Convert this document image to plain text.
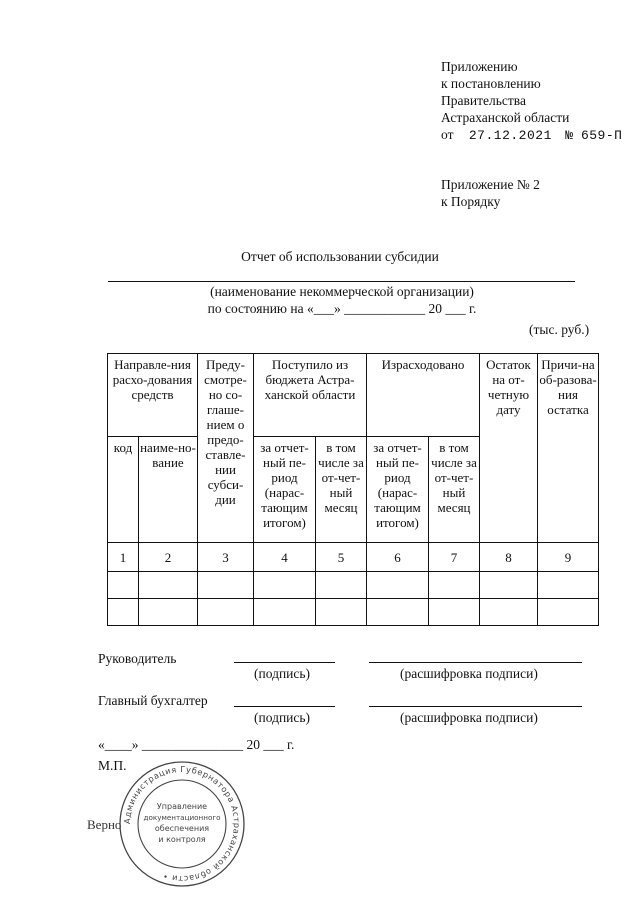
Приложению
к постановлению
Правительства
Астраханской области
от 27.12.2021 № 659-П
Приложение № 2
к Порядку
Отчет об использовании субсидии
(наименование некоммерческой организации)
по состоянию на «___» ____________ 20 ___ г.
(тыс. руб.)
Направле-ния расхо-дования средств		Преду-смотре-но со-глаше-нием о предо-ставле-нии субси-дии	Поступило из бюджета Астра-ханской области		Израсходовано		Остаток на от-четную дату	Причи-на об-разова-ния остатка
код	наиме-но-вание		за отчет-ный пе-риод (нарас-тающим итогом)	в том числе за от-чет-ный месяц	за отчет-ный пе-риод (нарас-тающим итогом)	в том числе за от-чет-ный месяц		
1	2	3	4	5	6	7	8	9

Руководитель
(подпись)	(расшифровка подписи)
Главный бухгалтер
(подпись)	(расшифровка подписи)
«____» _______________ 20 ___ г.
М.П.
Верно Администрация Губернатора Астраханской области •
Управление
документационного
обеспечения
и контроля
